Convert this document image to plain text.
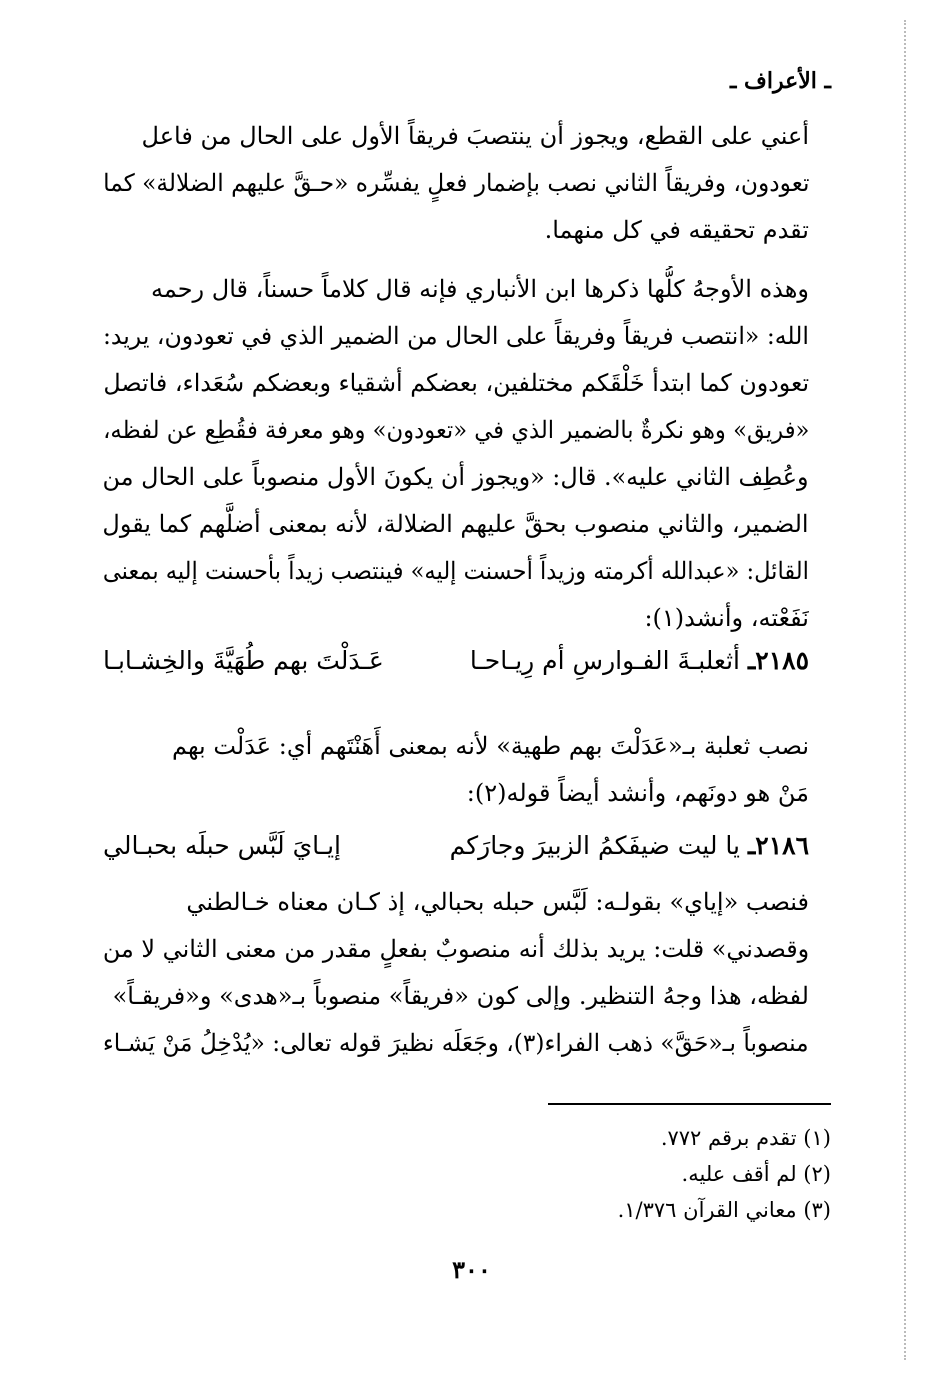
ـ الأعراف ـ
أعني على القطع، ويجوز أن ينتصبَ فريقاً الأول على الحال من فاعل
تعودون، وفريقاً الثاني نصب بإضمار فعلٍ يفسِّره «حـقَّ عليهم الضلالة» كما
تقدم تحقيقه في كل منهما.
وهذه الأوجهُ كلُّها ذكرها ابن الأنباري فإنه قال كلاماً حسناً، قال رحمه
الله: «انتصب فريقاً وفريقاً على الحال من الضمير الذي في تعودون، يريد:
تعودون كما ابتدأ خَلْقَكم مختلفين، بعضكم أشقياء وبعضكم سُعَداء، فاتصل
«فريق» وهو نكرةٌ بالضمير الذي في «تعودون» وهو معرفة فقُطِع عن لفظه،
وعُطِف الثاني عليه». قال: «ويجوز أن يكونَ الأول منصوباً على الحال من
الضمير، والثاني منصوب بحقَّ عليهم الضلالة، لأنه بمعنى أضلَّهم كما يقول
القائل: «عبدالله أكرمته وزيداً أحسنت إليه» فينتصب زيداً بأحسنت إليه بمعنى
نَفَعْته، وأنشد(١):
٢١٨٥ـ أثعلبـةَ الفـوارسِ أم رِيـاحـا
عَـدَلْتَ بهم طُهَيَّةَ والخِشـابـا
نصب ثعلبة بـ«عَدَلْتَ بهم طهية» لأنه بمعنى أَهَنْتَهم أي: عَدَلْت بهم
مَنْ هو دونَهم، وأنشد أيضاً قوله(٢):
٢١٨٦ـ يا ليت ضيفَكمُ الزبيرَ وجارَكم
إيـايَ لَبَّس حبلَه بحبـالي
فنصب «إياي» بقولـه: لَبَّس حبله بحبالي، إذ كـان معناه خـالطني
وقصدني» قلت: يريد بذلك أنه منصوبٌ بفعلٍ مقدر من معنى الثاني لا من
لفظه، هذا وجهُ التنظير. وإلى كون «فريقاً» منصوباً بـ«هدى» و«فريقـاً»
منصوباً بـ«حَقَّ» ذهب الفراء(٣)، وجَعَلَه نظيرَ قوله تعالى: «يُدْخِلُ مَنْ يَشـاء
(١) تقدم برقم ٧٧٢.
(٢) لم أقف عليه.
(٣) معاني القرآن ١/٣٧٦.
٣٠٠
